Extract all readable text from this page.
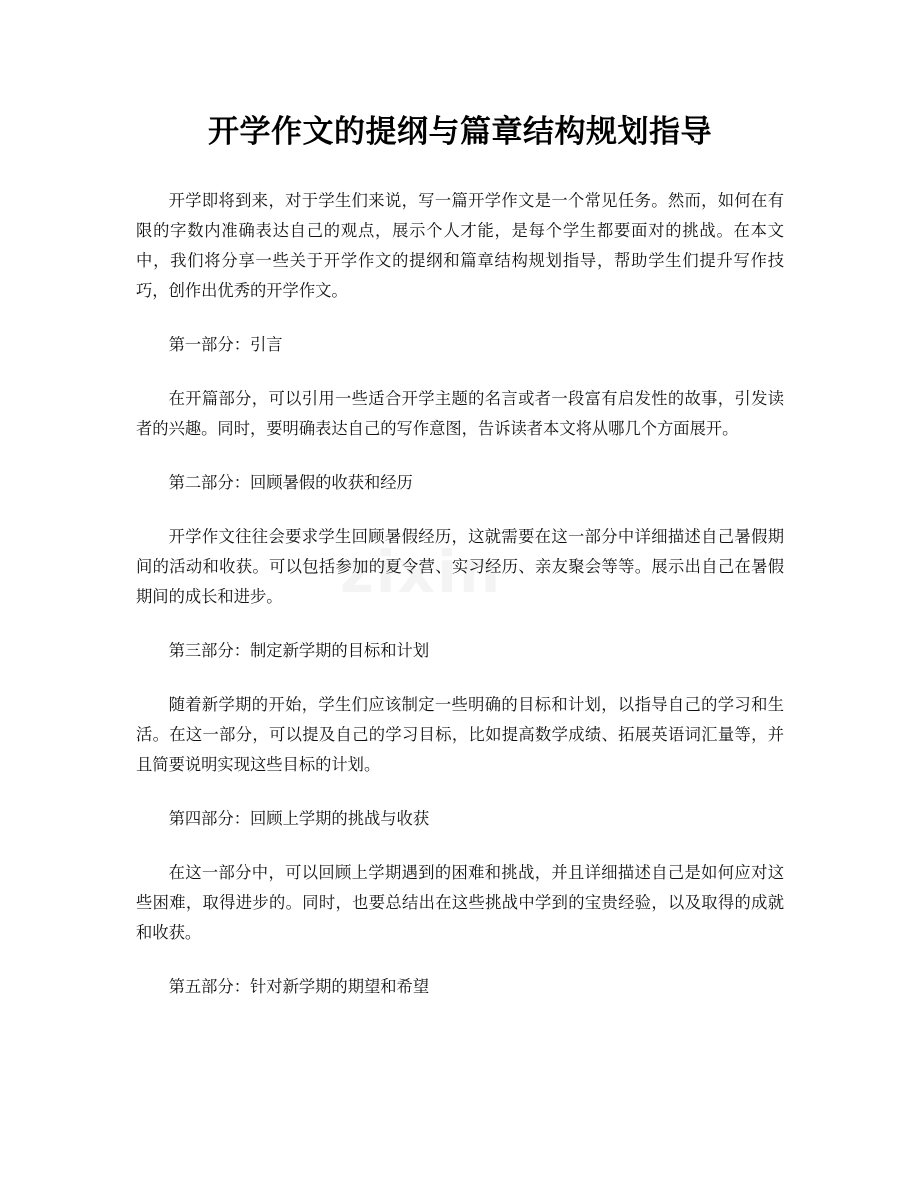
开学作文的提纲与篇章结构规划指导

开学即将到来，对于学生们来说，写一篇开学作文是一个常见任务。然而，如何在有限的字数内准确表达自己的观点，展示个人才能，是每个学生都要面对的挑战。在本文中，我们将分享一些关于开学作文的提纲和篇章结构规划指导，帮助学生们提升写作技巧，创作出优秀的开学作文。

第一部分：引言

在开篇部分，可以引用一些适合开学主题的名言或者一段富有启发性的故事，引发读者的兴趣。同时，要明确表达自己的写作意图，告诉读者本文将从哪几个方面展开。

第二部分：回顾暑假的收获和经历

开学作文往往会要求学生回顾暑假经历，这就需要在这一部分中详细描述自己暑假期间的活动和收获。可以包括参加的夏令营、实习经历、亲友聚会等等。展示出自己在暑假期间的成长和进步。

第三部分：制定新学期的目标和计划

随着新学期的开始，学生们应该制定一些明确的目标和计划，以指导自己的学习和生活。在这一部分，可以提及自己的学习目标，比如提高数学成绩、拓展英语词汇量等，并且简要说明实现这些目标的计划。

第四部分：回顾上学期的挑战与收获

在这一部分中，可以回顾上学期遇到的困难和挑战，并且详细描述自己是如何应对这些困难，取得进步的。同时，也要总结出在这些挑战中学到的宝贵经验，以及取得的成就和收获。

第五部分：针对新学期的期望和希望
